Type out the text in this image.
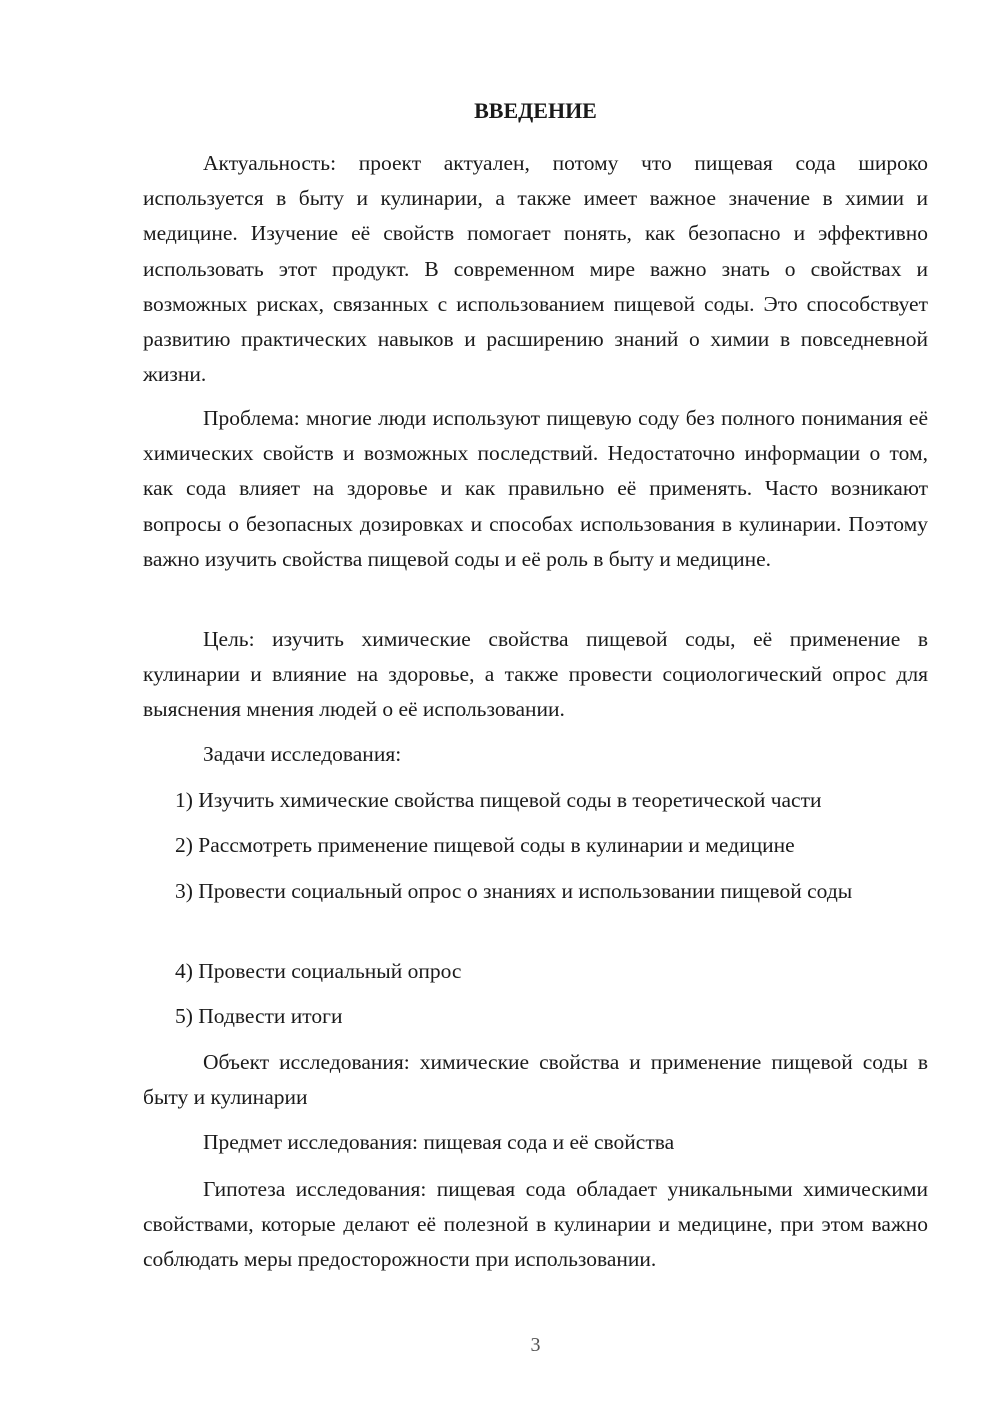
ВВЕДЕНИЕ

Актуальность: проект актуален, потому что пищевая сода широко используется в быту и кулинарии, а также имеет важное значение в химии и медицине. Изучение её свойств помогает понять, как безопасно и эффективно использовать этот продукт. В современном мире важно знать о свойствах и возможных рисках, связанных с использованием пищевой соды. Это способствует развитию практических навыков и расширению знаний о химии в повседневной жизни.

Проблема: многие люди используют пищевую соду без полного понимания её химических свойств и возможных последствий. Недостаточно информации о том, как сода влияет на здоровье и как правильно её применять. Часто возникают вопросы о безопасных дозировках и способах использования в кулинарии. Поэтому важно изучить свойства пищевой соды и её роль в быту и медицине.

Цель: изучить химические свойства пищевой соды, её применение в кулинарии и влияние на здоровье, а также провести социологический опрос для выяснения мнения людей о её использовании.

Задачи исследования:

1) Изучить химические свойства пищевой соды в теоретической части

2) Рассмотреть применение пищевой соды в кулинарии и медицине

3) Провести социальный опрос о знаниях и использовании пищевой соды

4) Провести социальный опрос

5) Подвести итоги

Объект исследования: химические свойства и применение пищевой соды в быту и кулинарии

Предмет исследования: пищевая сода и её свойства

Гипотеза исследования: пищевая сода обладает уникальными химическими свойствами, которые делают её полезной в кулинарии и медицине, при этом важно соблюдать меры предосторожности при использовании.

3
